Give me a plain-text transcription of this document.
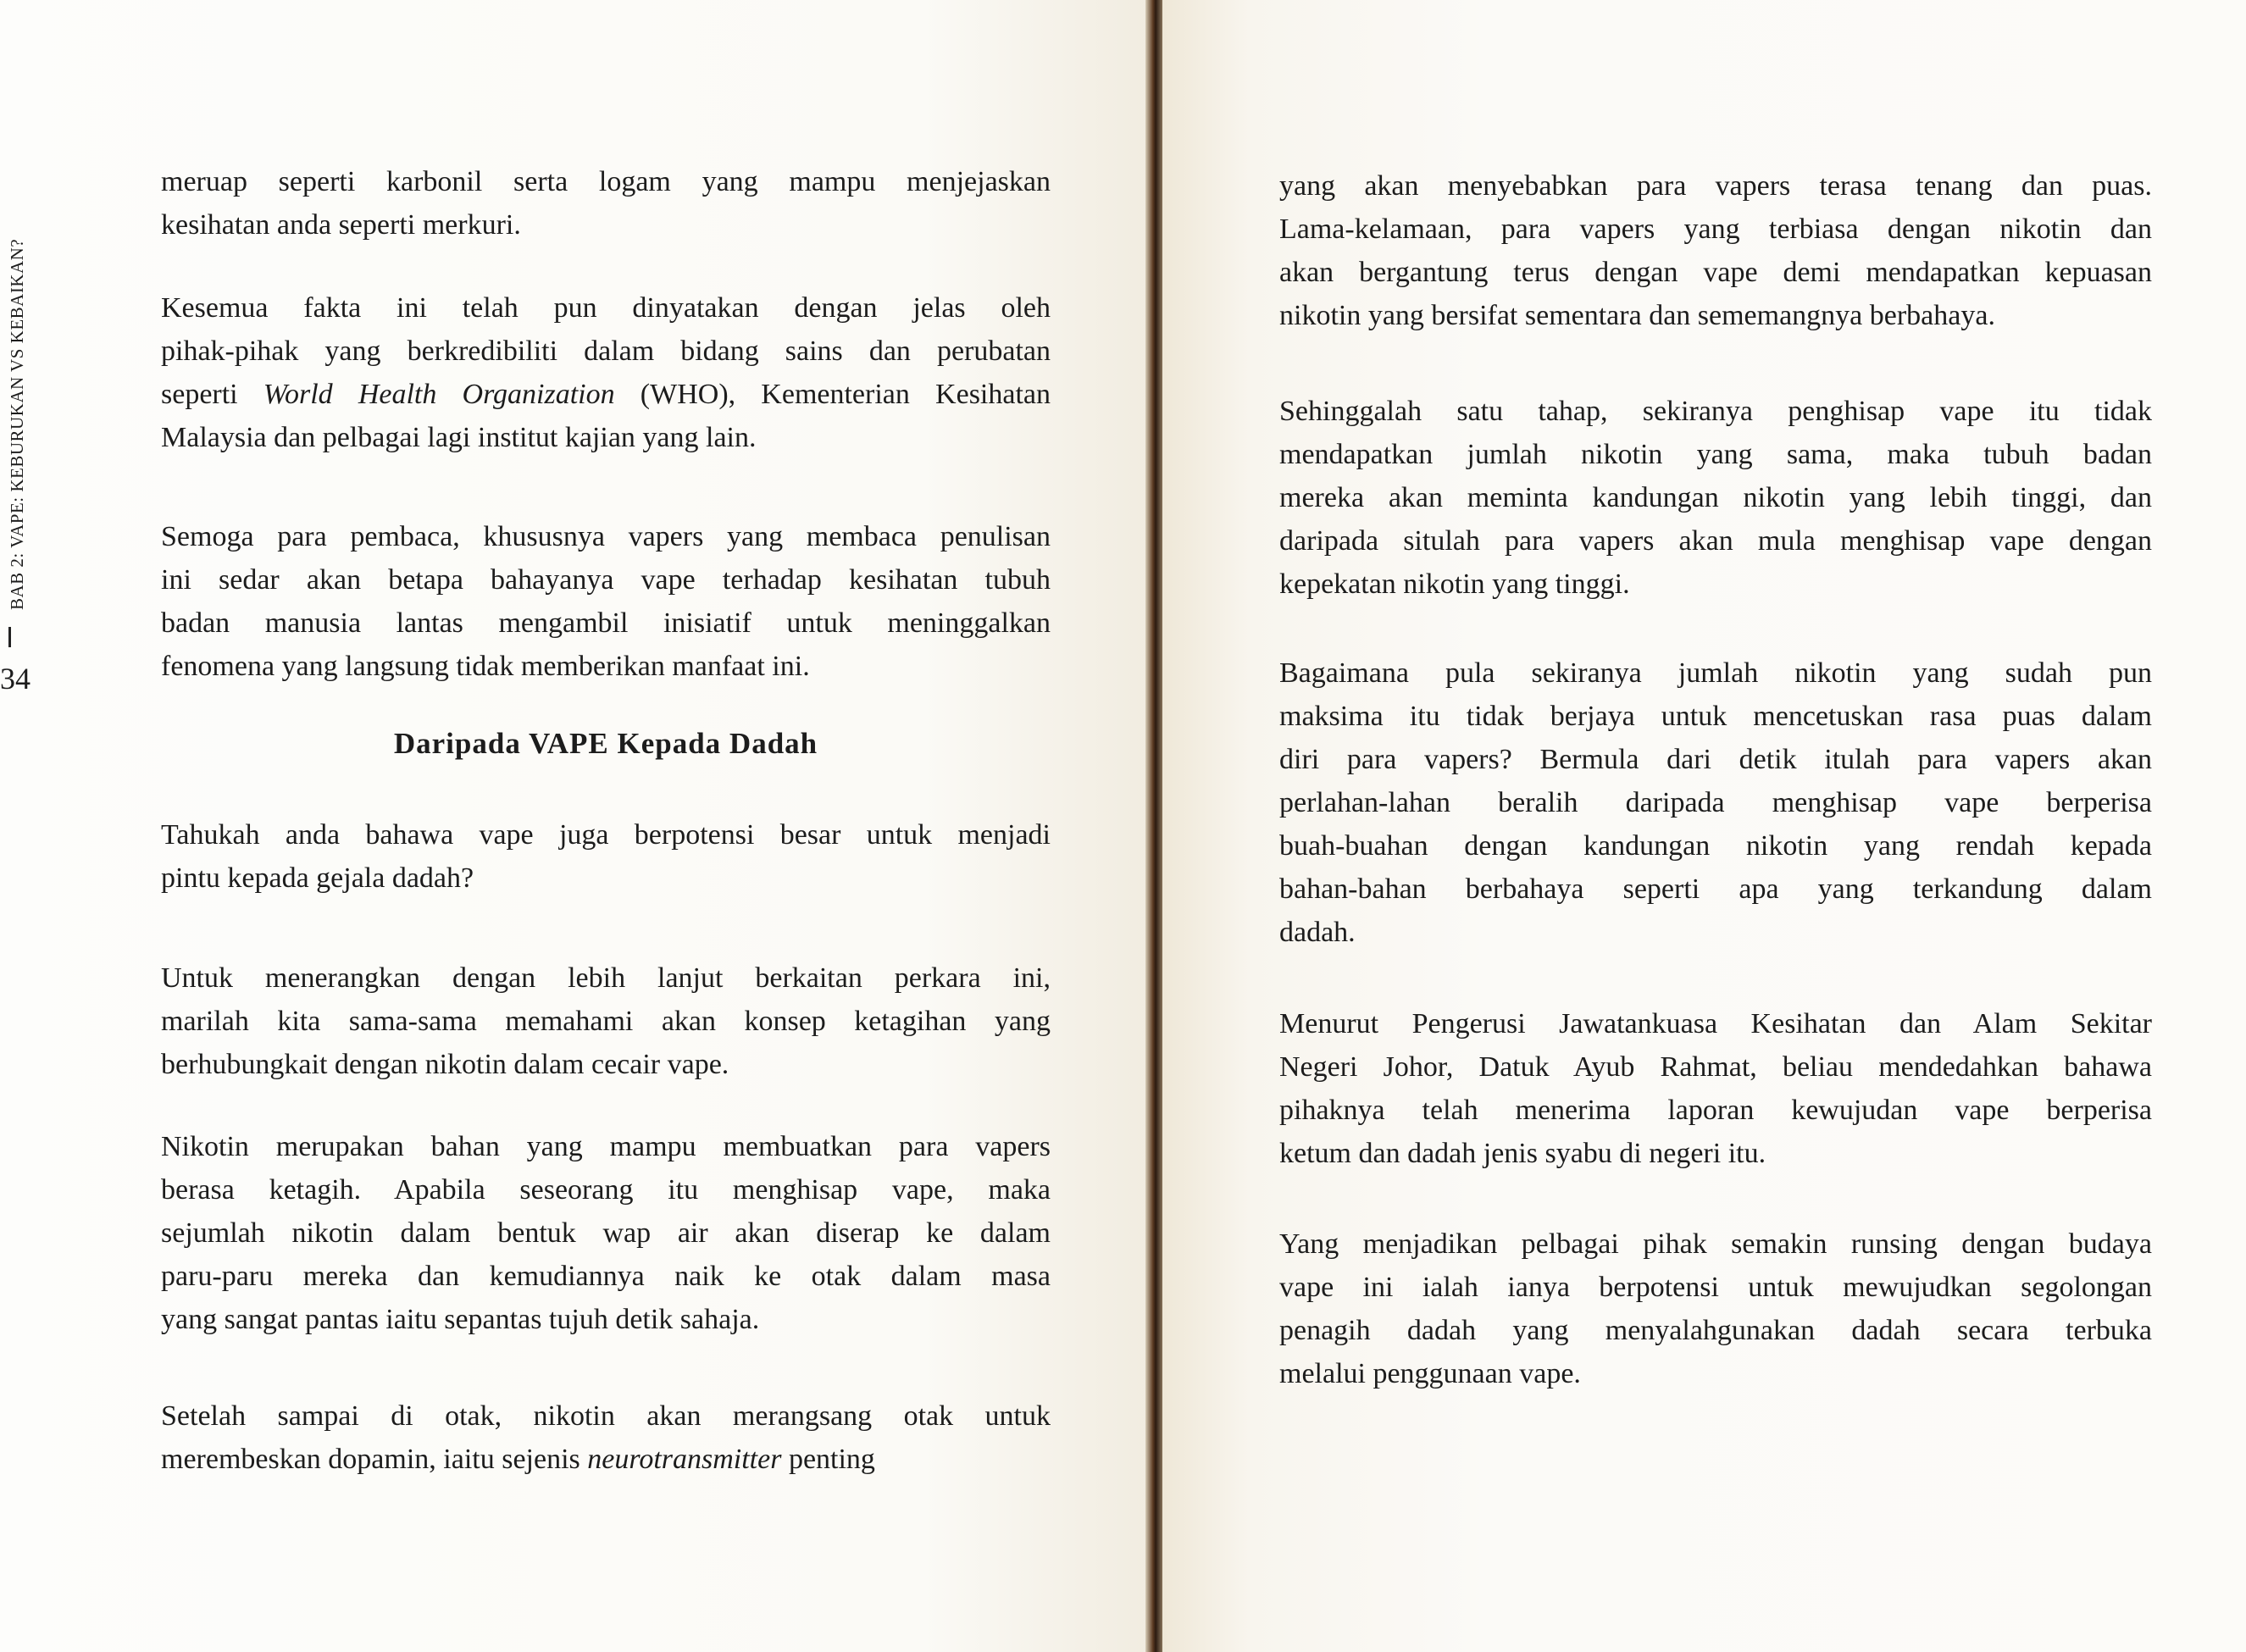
BAB 2: VAPE: KEBURUKAN VS KEBAIKAN?
34
Daripada VAPE Kepada Dadah
meruap seperti karbonil serta logam yang mampu menjejaskan
kesihatan anda seperti merkuri.
Kesemua fakta ini telah pun dinyatakan dengan jelas oleh
pihak-pihak yang berkredibiliti dalam bidang sains dan perubatan
seperti World Health Organization (WHO), Kementerian Kesihatan
Malaysia dan pelbagai lagi institut kajian yang lain.
Semoga para pembaca, khususnya vapers yang membaca penulisan
ini sedar akan betapa bahayanya vape terhadap kesihatan tubuh
badan manusia lantas mengambil inisiatif untuk meninggalkan
fenomena yang langsung tidak memberikan manfaat ini.
Tahukah anda bahawa vape juga berpotensi besar untuk menjadi
pintu kepada gejala dadah?
Untuk menerangkan dengan lebih lanjut berkaitan perkara ini,
marilah kita sama-sama memahami akan konsep ketagihan yang
berhubungkait dengan nikotin dalam cecair vape.
Nikotin merupakan bahan yang mampu membuatkan para vapers
berasa ketagih. Apabila seseorang itu menghisap vape, maka
sejumlah nikotin dalam bentuk wap air akan diserap ke dalam
paru-paru mereka dan kemudiannya naik ke otak dalam masa
yang sangat pantas iaitu sepantas tujuh detik sahaja.
Setelah sampai di otak, nikotin akan merangsang otak untuk
merembeskan dopamin, iaitu sejenis neurotransmitter penting
yang akan menyebabkan para vapers terasa tenang dan puas.
Lama-kelamaan, para vapers yang terbiasa dengan nikotin dan
akan bergantung terus dengan vape demi mendapatkan kepuasan
nikotin yang bersifat sementara dan sememangnya berbahaya.
Sehinggalah satu tahap, sekiranya penghisap vape itu tidak
mendapatkan jumlah nikotin yang sama, maka tubuh badan
mereka akan meminta kandungan nikotin yang lebih tinggi, dan
daripada situlah para vapers akan mula menghisap vape dengan
kepekatan nikotin yang tinggi.
Bagaimana pula sekiranya jumlah nikotin yang sudah pun
maksima itu tidak berjaya untuk mencetuskan rasa puas dalam
diri para vapers? Bermula dari detik itulah para vapers akan
perlahan-lahan beralih daripada menghisap vape berperisa
buah-buahan dengan kandungan nikotin yang rendah kepada
bahan-bahan berbahaya seperti apa yang terkandung dalam
dadah.
Menurut Pengerusi Jawatankuasa Kesihatan dan Alam Sekitar
Negeri Johor, Datuk Ayub Rahmat, beliau mendedahkan bahawa
pihaknya telah menerima laporan kewujudan vape berperisa
ketum dan dadah jenis syabu di negeri itu.
Yang menjadikan pelbagai pihak semakin runsing dengan budaya
vape ini ialah ianya berpotensi untuk mewujudkan segolongan
penagih dadah yang menyalahgunakan dadah secara terbuka
melalui penggunaan vape.
